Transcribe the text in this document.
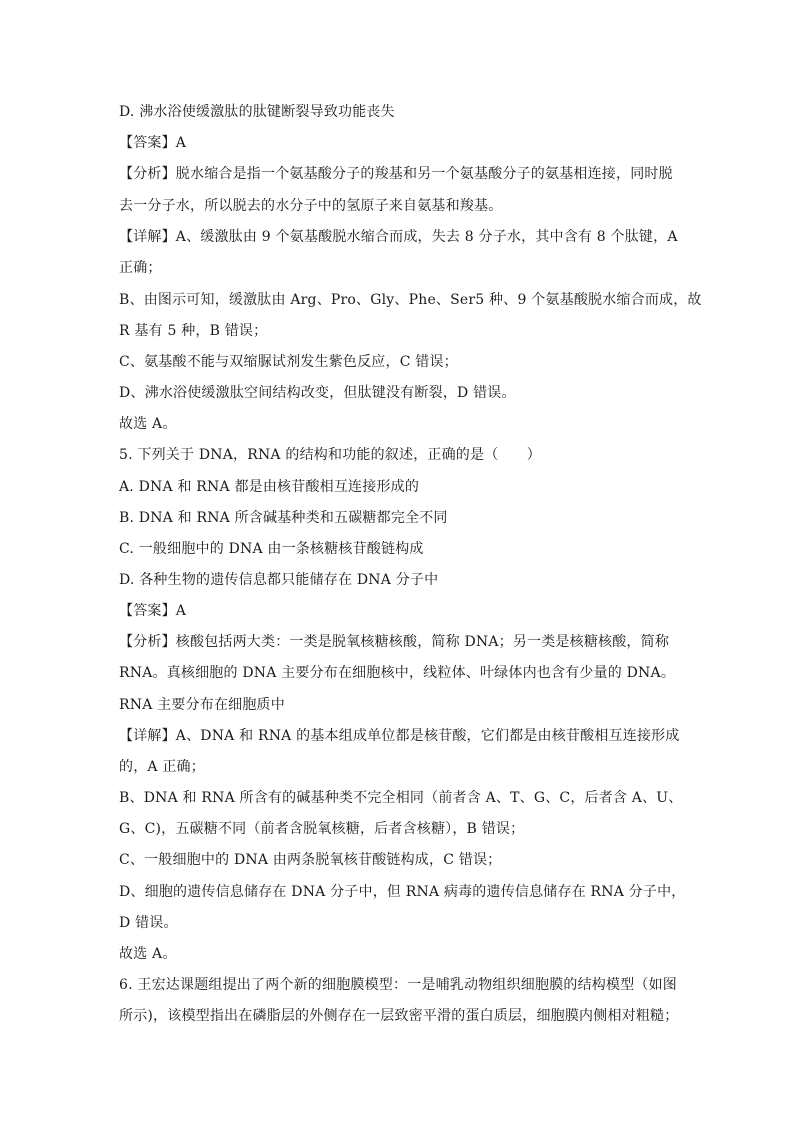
D. 沸水浴使缓激肽的肽键断裂导致功能丧失
【答案】A
【分析】脱水缩合是指一个氨基酸分子的羧基和另一个氨基酸分子的氨基相连接，同时脱
去一分子水，所以脱去的水分子中的氢原子来自氨基和羧基。
【详解】A、缓激肽由 9 个氨基酸脱水缩合而成，失去 8 分子水，其中含有 8 个肽键，A
正确；
B、由图示可知，缓激肽由 Arg、Pro、Gly、Phe、Ser5 种、9 个氨基酸脱水缩合而成，故
R 基有 5 种，B 错误；
C、氨基酸不能与双缩脲试剂发生紫色反应，C 错误；
D、沸水浴使缓激肽空间结构改变，但肽键没有断裂，D 错误。
故选 A。
5. 下列关于 DNA，RNA 的结构和功能的叙述，正确的是（　　）
A. DNA 和 RNA 都是由核苷酸相互连接形成的
B. DNA 和 RNA 所含碱基种类和五碳糖都完全不同
C. 一般细胞中的 DNA 由一条核糖核苷酸链构成
D. 各种生物的遗传信息都只能储存在 DNA 分子中
【答案】A
【分析】核酸包括两大类：一类是脱氧核糖核酸，简称 DNA；另一类是核糖核酸，简称
RNA。真核细胞的 DNA 主要分布在细胞核中，线粒体、叶绿体内也含有少量的 DNA。
RNA 主要分布在细胞质中
【详解】A、DNA 和 RNA 的基本组成单位都是核苷酸，它们都是由核苷酸相互连接形成
的，A 正确；
B、DNA 和 RNA 所含有的碱基种类不完全相同（前者含 A、T、G、C，后者含 A、U、
G、C)，五碳糖不同（前者含脱氧核糖，后者含核糖），B 错误；
C、一般细胞中的 DNA 由两条脱氧核苷酸链构成，C 错误；
D、细胞的遗传信息储存在 DNA 分子中，但 RNA 病毒的遗传信息储存在 RNA 分子中，
D 错误。
故选 A。
6. 王宏达课题组提出了两个新的细胞膜模型：一是哺乳动物组织细胞膜的结构模型（如图
所示)，该模型指出在磷脂层的外侧存在一层致密平滑的蛋白质层，细胞膜内侧相对粗糙；
